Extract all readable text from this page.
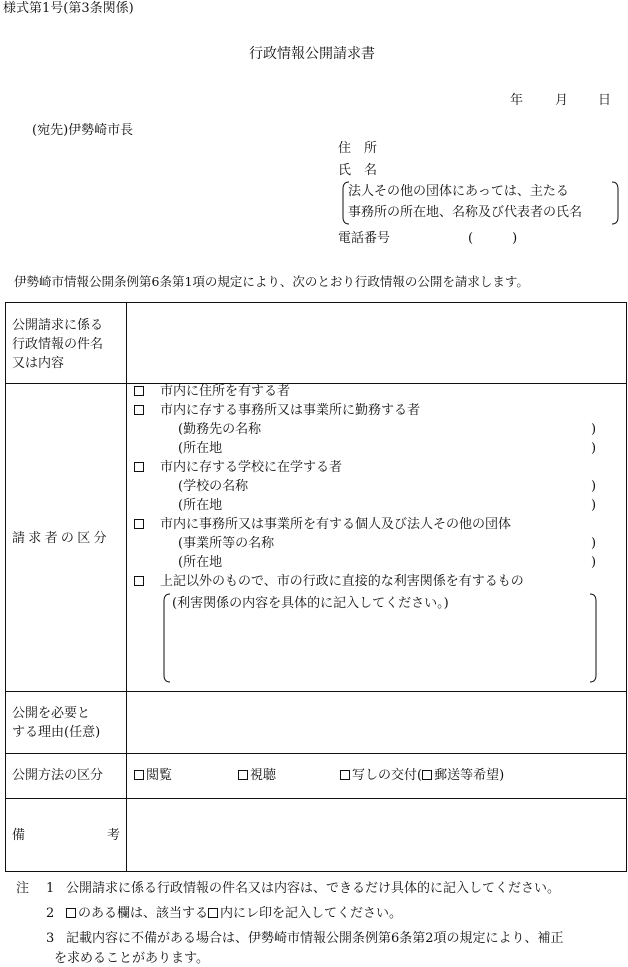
様式第1号(第3条関係)
行政情報公開請求書
年 月 日
(宛先)伊勢崎市長
住　所
氏　名
法人その他の団体にあっては、主たる
事務所の所在地、名称及び代表者の氏名
電話番号	(　　　)
伊勢崎市情報公開条例第6条第1項の規定により、次のとおり行政情報の公開を請求します。
公開請求に係る
行政情報の件名
又は内容
請求者の区分
市内に住所を有する者
市内に存する事務所又は事業所に勤務する者
(勤務先の名称	)
(所在地	)
市内に存する学校に在学する者
(学校の名称	)
(所在地	)
市内に事務所又は事業所を有する個人及び法人その他の団体
(事業所等の名称	)
(所在地	)
上記以外のもので、市の行政に直接的な利害関係を有するもの
(利害関係の内容を具体的に記入してください。)
公開を必要と
する理由(任意)
公開方法の区分	閲覧	視聴	写しの交付( 郵送等希望)
備	考
注 1 公開請求に係る行政情報の件名又は内容は、できるだけ具体的に記入してください。
2	のある欄は、該当する 内にレ印を記入してください。
3 記載内容に不備がある場合は、伊勢崎市情報公開条例第6条第2項の規定により、補正
を求めることがあります。
